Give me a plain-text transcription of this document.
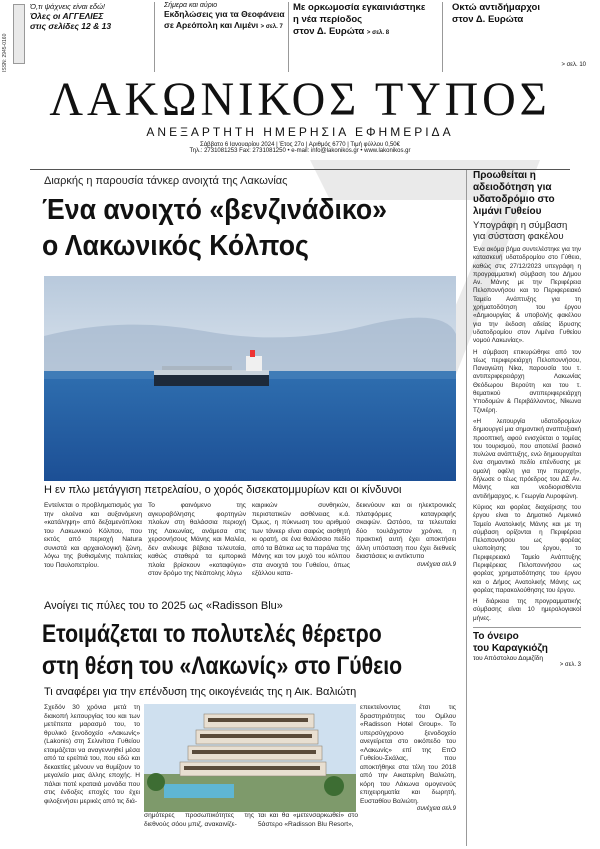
ISSN: 2945-0160
Ό,τι ψάχνεις είναι εδώ!
Όλες οι ΑΓΓΕΛΙΕΣ
στις σελίδες 12 & 13
Σήμερα και αύριο
Εκδηλώσεις για τα Θεοφάνεια
σε Αρεόπολη και Λιμένι > σελ. 7
Με ορκωμοσία εγκαινιάστηκε
η νέα περίοδος
στον Δ. Ευρώτα > σελ. 8
Οκτώ αντιδήμαρχοι
στον Δ. Ευρώτα
> σελ. 10
ΛΑΚΩΝΙΚΟΣ ΤΥΠΟΣ
ΑΝΕΞΑΡΤΗΤΗ ΗΜΕΡΗΣΙΑ ΕΦΗΜΕΡΙΔΑ
Σάββατο 6 Ιανουαρίου 2024 | Έτος 27ο | Αριθμός 6770 | Τιμή φύλλου 0,50€
Τηλ.: 2731081253 Fax: 2731081250 • e-mail: info@lakonikos.gr • www.lakonikos.gr
Διαρκής η παρουσία τάνκερ ανοιχτά της Λακωνίας
Ένα ανοιχτό «βενζινάδικο»
ο Λακωνικός Κόλπος
Η εν πλω μετάγγιση πετρελαίου, ο χορός δισεκατομμυρίων και οι κίνδυνοι
Εντείνεται ο προβληματισμός για την ολοένα και αυξανόμενη «κατάληψη» από δεξαμενόπλοια του Λακωνικού Κόλπου, που εκτός από περιοχή Natura συνιστά και αρχαιολογική ζώνη, λόγω της βυθισμένης πολιτείας του Παυλοπετρίου.
Το φαινόμενο της αγκυροβόλησης φορτηγών πλοίων στη θαλάσσια περιοχή της Λακωνίας, ανάμεσα στις χερσονήσους Μάνης και Μαλέα, δεν ανέκυψε βέβαια τελευταία, καθώς σταθερά τα εμπορικά πλοία βρίσκουν «καταφύγιο» στον δρόμο της Νεάπολης λόγω
καιρικών συνθηκών, περιστατικών ασθένειας κ.ά. Όμως, η πύκνωση του αριθμού των τάνκερ είναι σαφώς αισθητή κι ορατή, σε ένα θαλάσσιο πεδίο από τα Βάτικα ως τα παράλια της Μάνης και τον μυχό του κόλπου στα ανοιχτά του Γυθείου, όπως εξάλλου κατα-
δεικνύουν και οι ηλεκτρονικές πλατφόρμες καταγραφής σκαφών. Ωστόσο, τα τελευταία δύο τουλάχιστον χρόνια, η πρακτική αυτή έχει αποκτήσει άλλη υπόσταση που έχει διεθνείς διαστάσεις κι αντίκτυπο
συνέχεια σελ.9
Ανοίγει τις πύλες του το 2025 ως «Radisson Blu»
Ετοιμάζεται το πολυτελές θέρετρο
στη θέση του «Λακωνίς» στο Γύθειο
Τι αναφέρει για την επένδυση της οικογένειάς της η Αικ. Βαλιώτη
Σχεδόν 30 χρόνια μετά τη διακοπή λειτουργίας του και των μετέπειτα μαρασμό του, το θρυλικό ξενοδοχείο «Λακωνίς» (Lakonis) στη Σελινίτσα Γυθείου ετοιμάζεται να αναγεννηθεί μέσα από τα ερείπιά του, που εδώ και δεκαετίες μένουν να θυμίζουν το μεγαλείο μιας άλλης εποχής. Η πάλαι ποτέ κραταιά μονάδα που στις ένδοξες εποχές του έχει φιλοξενήσει μερικές από τις διά-
σημότερες προσωπικότητες της διεθνούς σόου μπιζ, ανακαινίζε-
ται και θα «μετενσαρκωθεί» στο 5άστερο «Radisson Blu Resort»,
επεκτείνοντας έτσι τις δραστηριότητες του Ομίλου «Radisson Hotel Group». Το υπερσύγχρονο ξενοδοχείο ανεγείρεται στο οικόπεδο του «Λακωνίς» επί της ΕπΟ Γυθείου-Σκάλας, που αποκτήθηκε στα τέλη του 2018 από την Αικατερίνη Βαλιώτη, κόρη του Λάκωνα ομογενούς επιχειρηματία και δωρητή, Ευσταθίου Βαλιώτη.
συνέχεια σελ.9
Προωθείται η αδειοδότηση για υδατοδρόμιο στο λιμάνι Γυθείου
Υπογράφη η σύμβαση για σύσταση φακέλου
Ένα ακόμα βήμα συντελέστηκε για την κατασκευή υδατοδρομίου στο Γύθειο, καθώς στις 27/12/2023 υπεγράφη η προγραμματική σύμβαση του Δήμου Αν. Μάνης με την Περιφέρεια Πελοποννήσου και το Περιφερειακό Ταμείο Ανάπτυξης για τη χρηματοδότηση του έργου «Δημιουργίας & υποβολής φακέλου για την έκδοση αδείας ίδρυσης υδατοδρομίου στον Λιμένα Γυθείου νομού Λακωνίας».
Η σύμβαση επικυρώθηκε από τον τέως περιφερειάρχη Πελοποννήσου, Παναγιώτη Νίκα, παρουσία του τ. αντιπεριφερειάρχη Λακωνίας Θεόδωρου Βερούτη και του τ. θεματικού αντιπεριφερειάρχη Υποδομών & Περιβάλλοντος, Νίκωνα Τζινιέρη.
«Η λειτουργία υδατοδρομίων δημιουργεί μια σημαντική αναπτυξιακή προοπτική, αφού ενισχύεται ο τομέας του τουρισμού, που αποτελεί βασικό πυλώνα ανάπτυξης, ενώ δημιουργείται ένα σημαντικό πεδίο επένδυσης με ομαλή οφέλη για την περιοχή», δήλωσε ο τέως πρόεδρος του ΔΣ Αν. Μάνης και νεοδιορισθέντα αντιδήμαρχος, κ. Γεωργία Λυροφώνη.
Κύριος και φορέας διαχείρισης του έργου είναι το Δημοτικό Λιμενικό Ταμείο Ανατολικής Μάνης και με τη σύμβαση ορίζονται η Περιφέρεια Πελοποννήσου ως φορέας υλοποίησης του έργου, το Περιφερειακό Ταμείο Ανάπτυξης Περιφέρειας Πελοποννήσου ως φορέας χρηματοδότησης του έργου και ο Δήμος Ανατολικής Μάνης ως φορέας παρακολούθησης του έργου.
Η διάρκεια της προγραμματικής σύμβασης είναι 10 ημερολογιακοί μήνες.
Το όνειρο
του Καραγκιόζη
του Απόστολου Δομιζίδη
> σελ. 3
